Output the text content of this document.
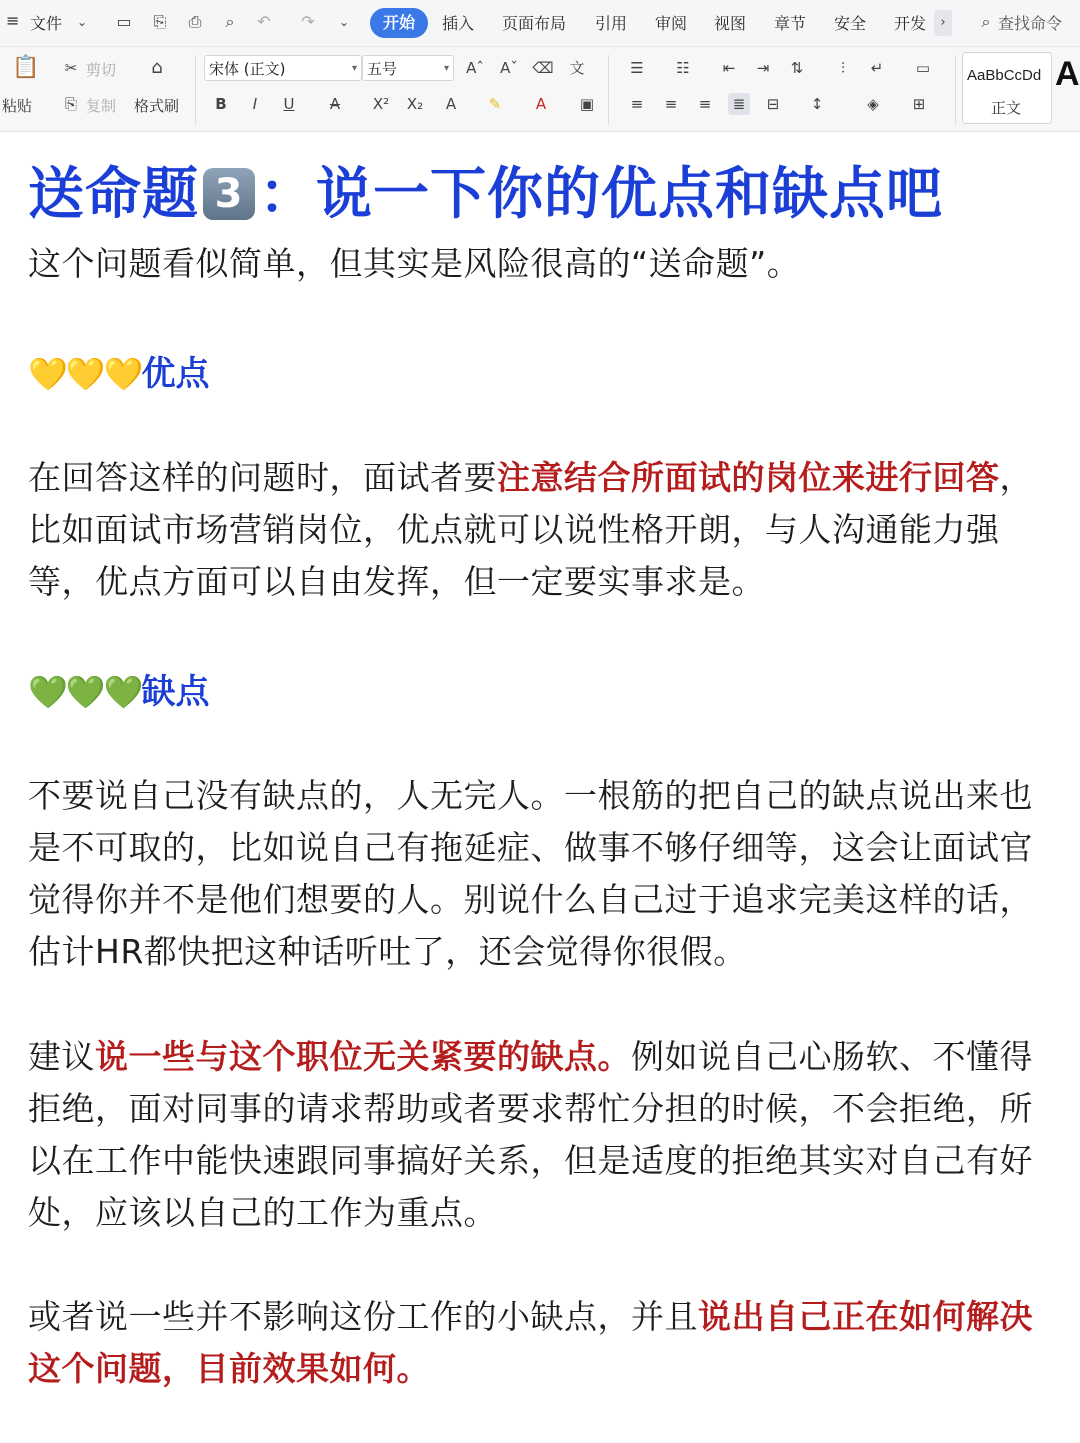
≡ 文件	⌄	▭ ⎘ ⎙	⌕	↶ ↷	⌄	开始	插入 页面布局 引用 审阅 视图 章节 安全 开发	›	⌕ 查找命令
📋
粘贴
✂ 剪切
⎘ 复制
⌂
格式刷
宋体 (正文)	▾ 五号	▾ Aˆ Aˇ ⌫ 文
B	I	U	A	X² X₂	A	✎	A	▣
☰ ☷	⇤	⇥	⇅	⫶	↵	▭
≡	≡	≡	≣	⊟	↕	◈	⊞
AaBbCcDd
正文
A
送命题 3 ：说一下你的优点和缺点吧
这个问题看似简单，但其实是风险很高的“送命题”。
💛💛💛优点
在回答这样的问题时，面试者要注意结合所面试的岗位来进行回答，比如面试市场营销岗位，优点就可以说性格开朗，与人沟通能力强等，优点方面可以自由发挥，但一定要实事求是。
💚💚💚缺点
不要说自己没有缺点的，人无完人。一根筋的把自己的缺点说出来也是不可取的，比如说自己有拖延症、做事不够仔细等，这会让面试官觉得你并不是他们想要的人。别说什么自己过于追求完美这样的话，估计HR都快把这种话听吐了，还会觉得你很假。
建议说一些与这个职位无关紧要的缺点。例如说自己心肠软、不懂得拒绝，面对同事的请求帮助或者要求帮忙分担的时候，不会拒绝，所以在工作中能快速跟同事搞好关系，但是适度的拒绝其实对自己有好处，应该以自己的工作为重点。
或者说一些并不影响这份工作的小缺点，并且说出自己正在如何解决这个问题，目前效果如何。
